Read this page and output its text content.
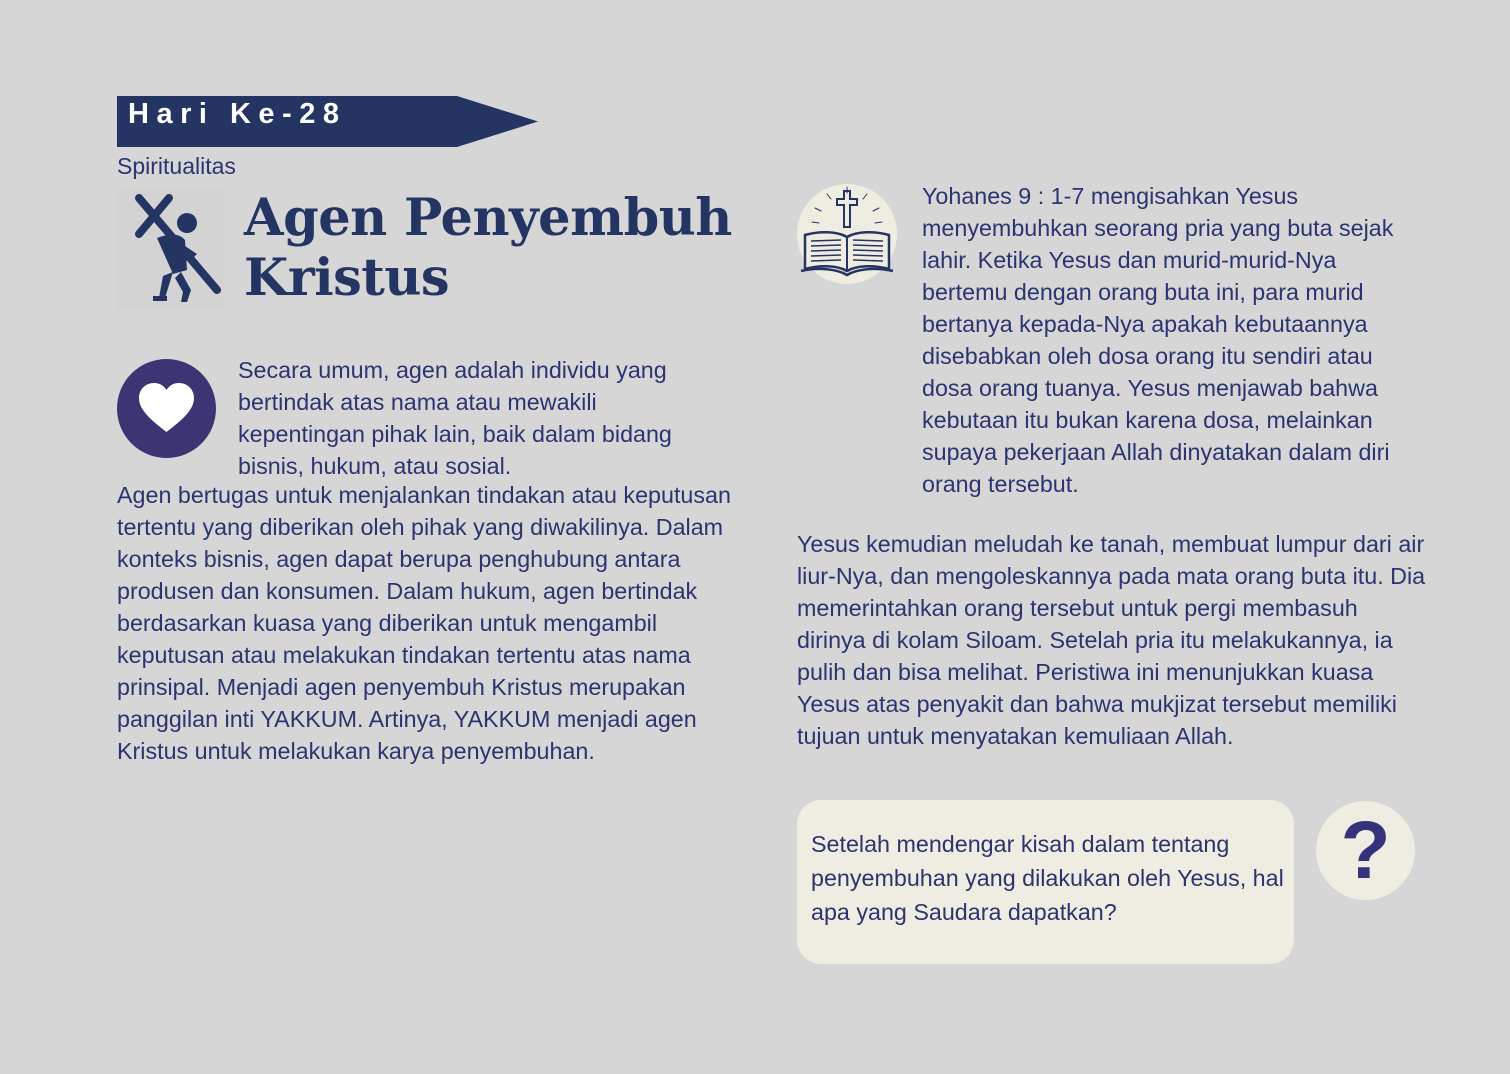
Hari Ke-28
Spiritualitas
Agen Penyembuh
Kristus
Secara umum, agen adalah individu yang bertindak atas nama atau mewakili kepentingan pihak lain, baik dalam bidang bisnis, hukum, atau sosial.
Agen bertugas untuk menjalankan tindakan atau keputusan tertentu yang diberikan oleh pihak yang diwakilinya. Dalam konteks bisnis, agen dapat berupa penghubung antara produsen dan konsumen. Dalam hukum, agen bertindak berdasarkan kuasa yang diberikan untuk mengambil keputusan atau melakukan tindakan tertentu atas nama prinsipal. Menjadi agen penyembuh Kristus merupakan panggilan inti YAKKUM. Artinya, YAKKUM menjadi agen Kristus untuk melakukan karya penyembuhan.
Yohanes 9 : 1-7 mengisahkan Yesus menyembuhkan seorang pria yang buta sejak lahir. Ketika Yesus dan murid-murid-Nya bertemu dengan orang buta ini, para murid bertanya kepada-Nya apakah kebutaannya disebabkan oleh dosa orang itu sendiri atau dosa orang tuanya. Yesus menjawab bahwa kebutaan itu bukan karena dosa, melainkan supaya pekerjaan Allah dinyatakan dalam diri orang tersebut.
Yesus kemudian meludah ke tanah, membuat lumpur dari air liur-Nya, dan mengoleskannya pada mata orang buta itu. Dia memerintahkan orang tersebut untuk pergi membasuh dirinya di kolam Siloam. Setelah pria itu melakukannya, ia pulih dan bisa melihat. Peristiwa ini menunjukkan kuasa Yesus atas penyakit dan bahwa mukjizat tersebut memiliki tujuan untuk menyatakan kemuliaan Allah.
Setelah mendengar kisah dalam tentang penyembuhan yang dilakukan oleh Yesus, hal apa yang Saudara dapatkan?
?
